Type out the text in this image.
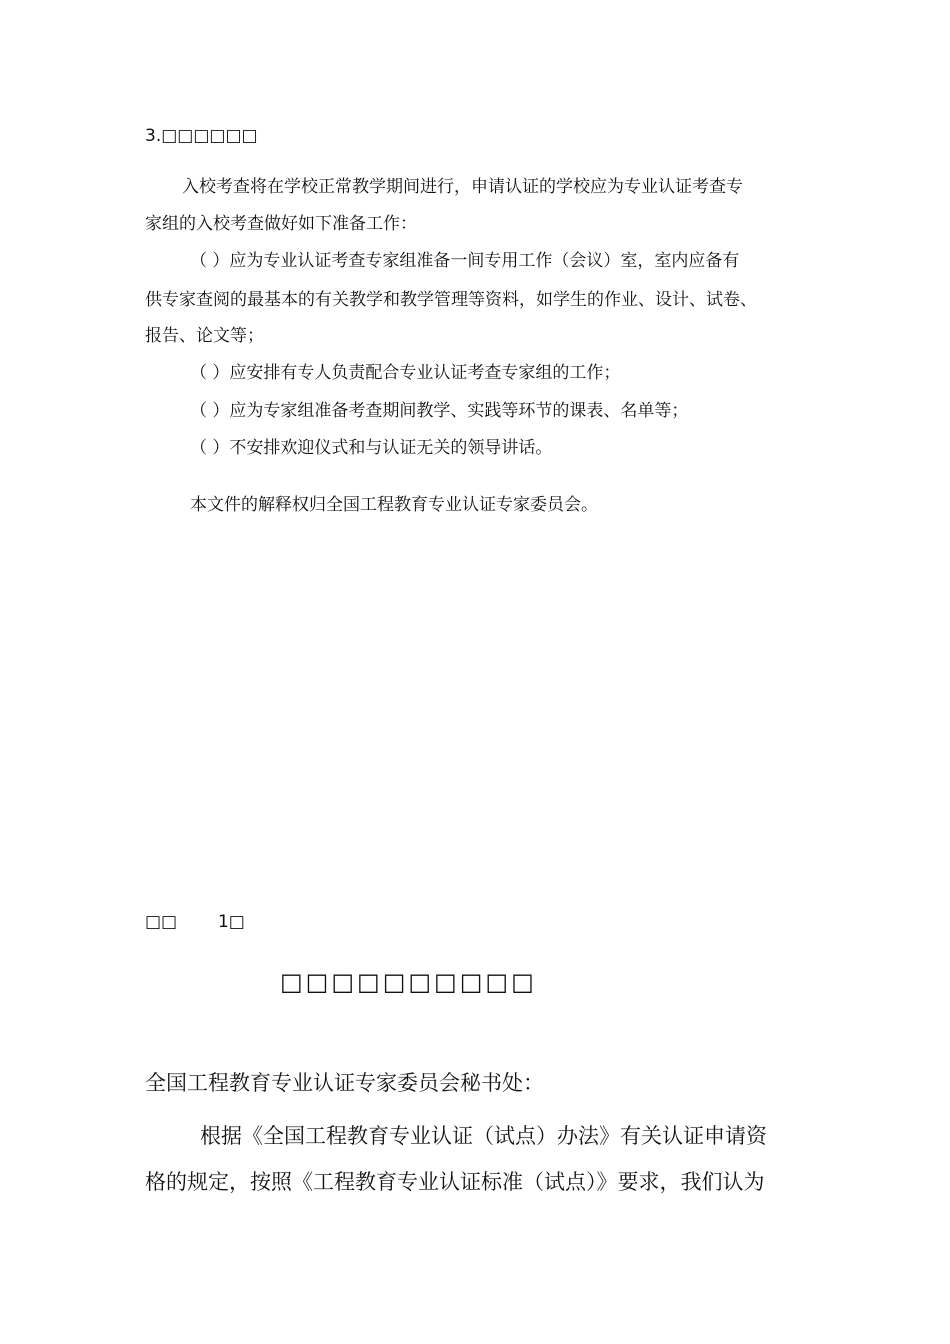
3.□□□□□□

入校考查将在学校正常教学期间进行，申请认证的学校应为专业认证考查专

家组的入校考查做好如下准备工作：

（ ）应为专业认证考查专家组准备一间专用工作（会议）室，室内应备有

供专家查阅的最基本的有关教学和教学管理等资料，如学生的作业、设计、试卷、

报告、论文等；

（ ）应安排有专人负责配合专业认证考查专家组的工作；

（ ）应为专家组准备考查期间教学、实践等环节的课表、名单等；

（ ）不安排欢迎仪式和与认证无关的领导讲话。

本文件的解释权归全国工程教育专业认证专家委员会。

□□ 1□

□□□□□□□□□□

全国工程教育专业认证专家委员会秘书处：

根据《全国工程教育专业认证（试点）办法》有关认证申请资

格的规定，按照《工程教育专业认证标准（试点）》要求，我们认为
